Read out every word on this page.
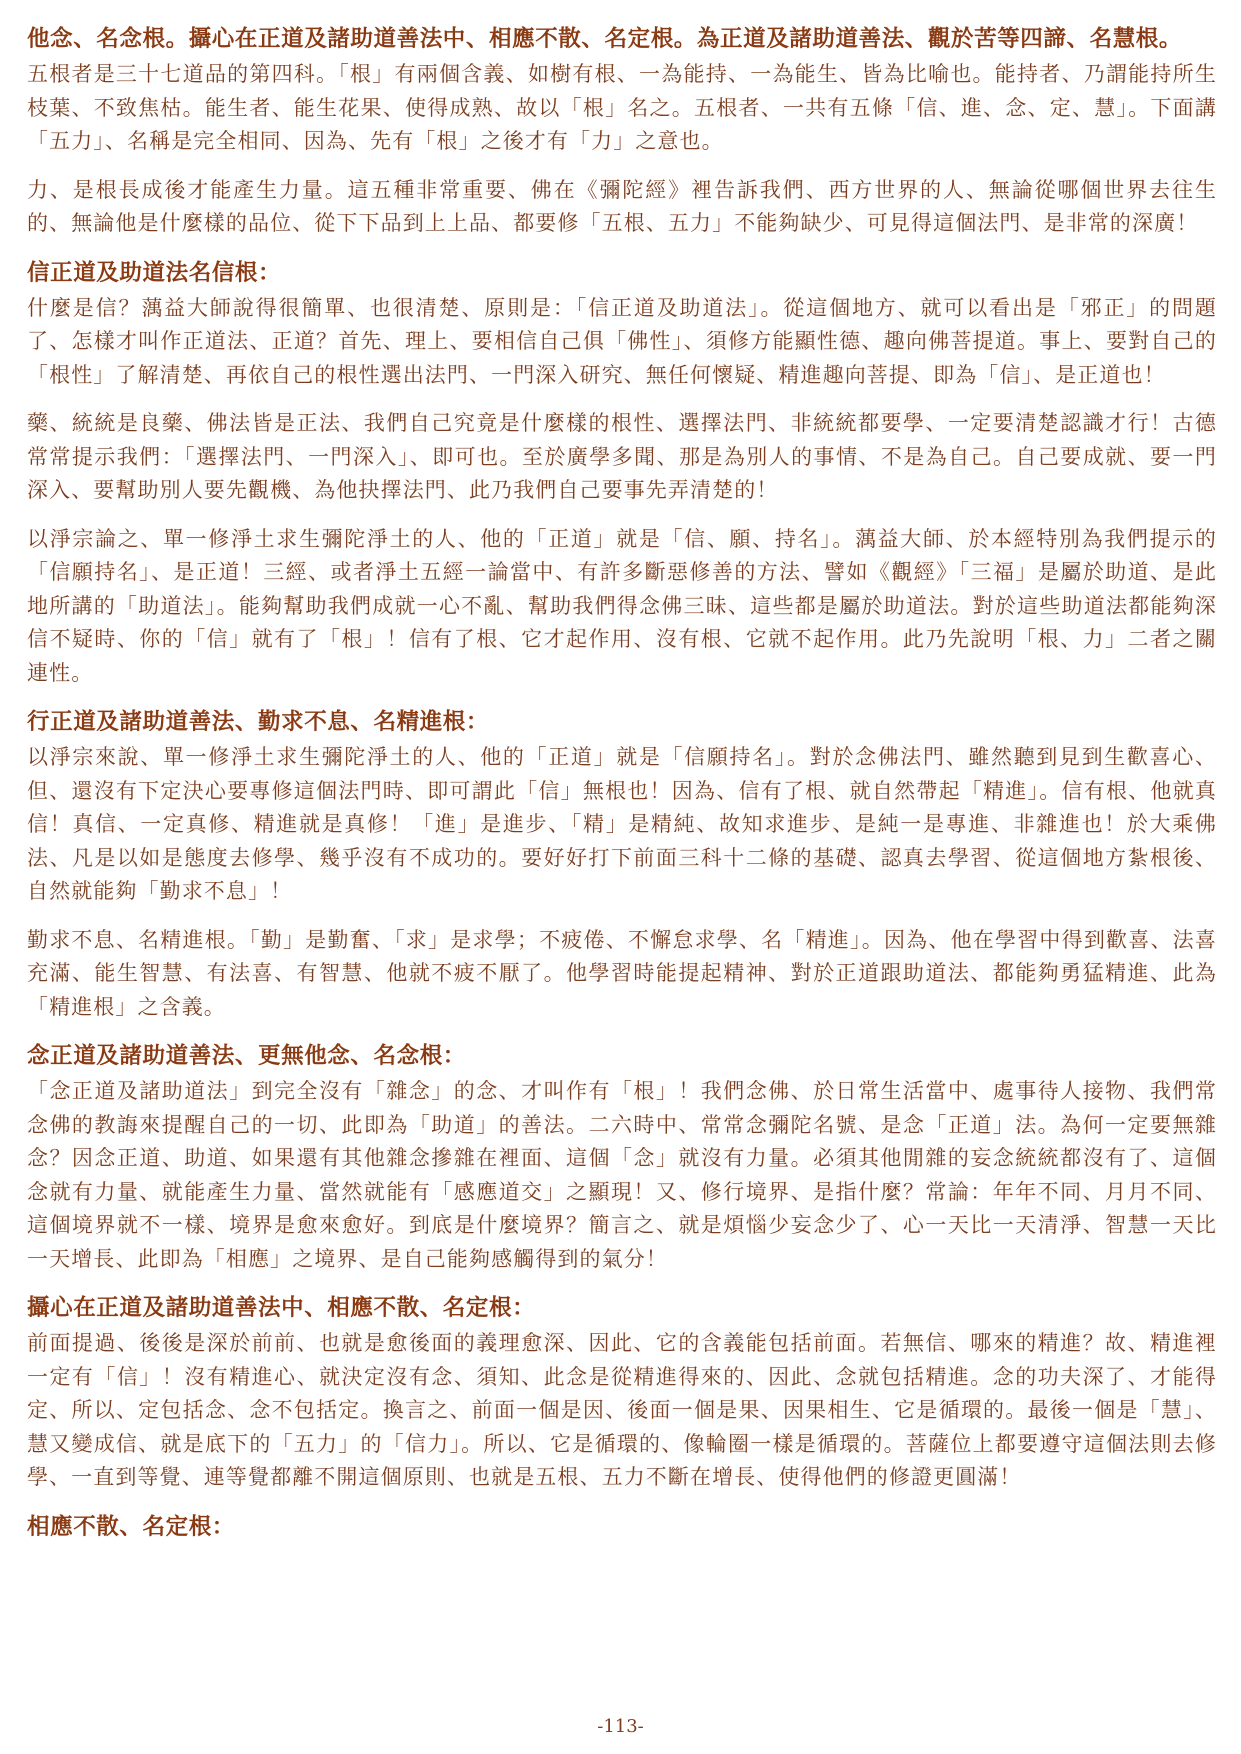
他念、名念根。攝心在正道及諸助道善法中、相應不散、名定根。為正道及諸助道善法、觀於苦等四諦、名慧根。

五根者是三十七道品的第四科。「根」有兩個含義、如樹有根、一為能持、一為能生、皆為比喻也。能持者、乃謂能持所生枝葉、不致焦枯。能生者、能生花果、使得成熟、故以「根」名之。五根者、一共有五條「信、進、念、定、慧」。下面講「五力」、名稱是完全相同、因為、先有「根」之後才有「力」之意也。

力、是根長成後才能產生力量。這五種非常重要、佛在《彌陀經》裡告訴我們、西方世界的人、無論從哪個世界去往生的、無論他是什麼樣的品位、從下下品到上上品、都要修「五根、五力」不能夠缺少、可見得這個法門、是非常的深廣！

信正道及助道法名信根：

什麼是信？蕅益大師說得很簡單、也很清楚、原則是：「信正道及助道法」。從這個地方、就可以看出是「邪正」的問題了、怎樣才叫作正道法、正道？首先、理上、要相信自己俱「佛性」、須修方能顯性德、趣向佛菩提道。事上、要對自己的「根性」了解清楚、再依自己的根性選出法門、一門深入研究、無任何懷疑、精進趣向菩提、即為「信」、是正道也！

藥、統統是良藥、佛法皆是正法、我們自己究竟是什麼樣的根性、選擇法門、非統統都要學、一定要清楚認識才行！古德常常提示我們：「選擇法門、一門深入」、即可也。至於廣學多聞、那是為別人的事情、不是為自己。自己要成就、要一門深入、要幫助別人要先觀機、為他抉擇法門、此乃我們自己要事先弄清楚的！

以淨宗論之、單一修淨土求生彌陀淨土的人、他的「正道」就是「信、願、持名」。蕅益大師、於本經特別為我們提示的「信願持名」、是正道！三經、或者淨土五經一論當中、有許多斷惡修善的方法、譬如《觀經》「三福」是屬於助道、是此地所講的「助道法」。能夠幫助我們成就一心不亂、幫助我們得念佛三昧、這些都是屬於助道法。對於這些助道法都能夠深信不疑時、你的「信」就有了「根」！信有了根、它才起作用、沒有根、它就不起作用。此乃先說明「根、力」二者之關連性。

行正道及諸助道善法、勤求不息、名精進根：

以淨宗來說、單一修淨土求生彌陀淨土的人、他的「正道」就是「信願持名」。對於念佛法門、雖然聽到見到生歡喜心、但、還沒有下定決心要專修這個法門時、即可謂此「信」無根也！因為、信有了根、就自然帶起「精進」。信有根、他就真信！真信、一定真修、精進就是真修！「進」是進步、「精」是精純、故知求進步、是純一是專進、非雜進也！於大乘佛法、凡是以如是態度去修學、幾乎沒有不成功的。要好好打下前面三科十二條的基礎、認真去學習、從這個地方紮根後、自然就能夠「勤求不息」！

勤求不息、名精進根。「勤」是勤奮、「求」是求學；不疲倦、不懈怠求學、名「精進」。因為、他在學習中得到歡喜、法喜充滿、能生智慧、有法喜、有智慧、他就不疲不厭了。他學習時能提起精神、對於正道跟助道法、都能夠勇猛精進、此為「精進根」之含義。

念正道及諸助道善法、更無他念、名念根：

「念正道及諸助道法」到完全沒有「雜念」的念、才叫作有「根」！我們念佛、於日常生活當中、處事待人接物、我們常念佛的教誨來提醒自己的一切、此即為「助道」的善法。二六時中、常常念彌陀名號、是念「正道」法。為何一定要無雜念？因念正道、助道、如果還有其他雜念摻雜在裡面、這個「念」就沒有力量。必須其他閒雜的妄念統統都沒有了、這個念就有力量、就能產生力量、當然就能有「感應道交」之顯現！又、修行境界、是指什麼？常論：年年不同、月月不同、這個境界就不一樣、境界是愈來愈好。到底是什麼境界？簡言之、就是煩惱少妄念少了、心一天比一天清淨、智慧一天比一天增長、此即為「相應」之境界、是自己能夠感觸得到的氣分！

攝心在正道及諸助道善法中、相應不散、名定根：

前面提過、後後是深於前前、也就是愈後面的義理愈深、因此、它的含義能包括前面。若無信、哪來的精進？故、精進裡一定有「信」！沒有精進心、就決定沒有念、須知、此念是從精進得來的、因此、念就包括精進。念的功夫深了、才能得定、所以、定包括念、念不包括定。換言之、前面一個是因、後面一個是果、因果相生、它是循環的。最後一個是「慧」、慧又變成信、就是底下的「五力」的「信力」。所以、它是循環的、像輪圈一樣是循環的。菩薩位上都要遵守這個法則去修學、一直到等覺、連等覺都離不開這個原則、也就是五根、五力不斷在增長、使得他們的修證更圓滿！

相應不散、名定根：
-113-
